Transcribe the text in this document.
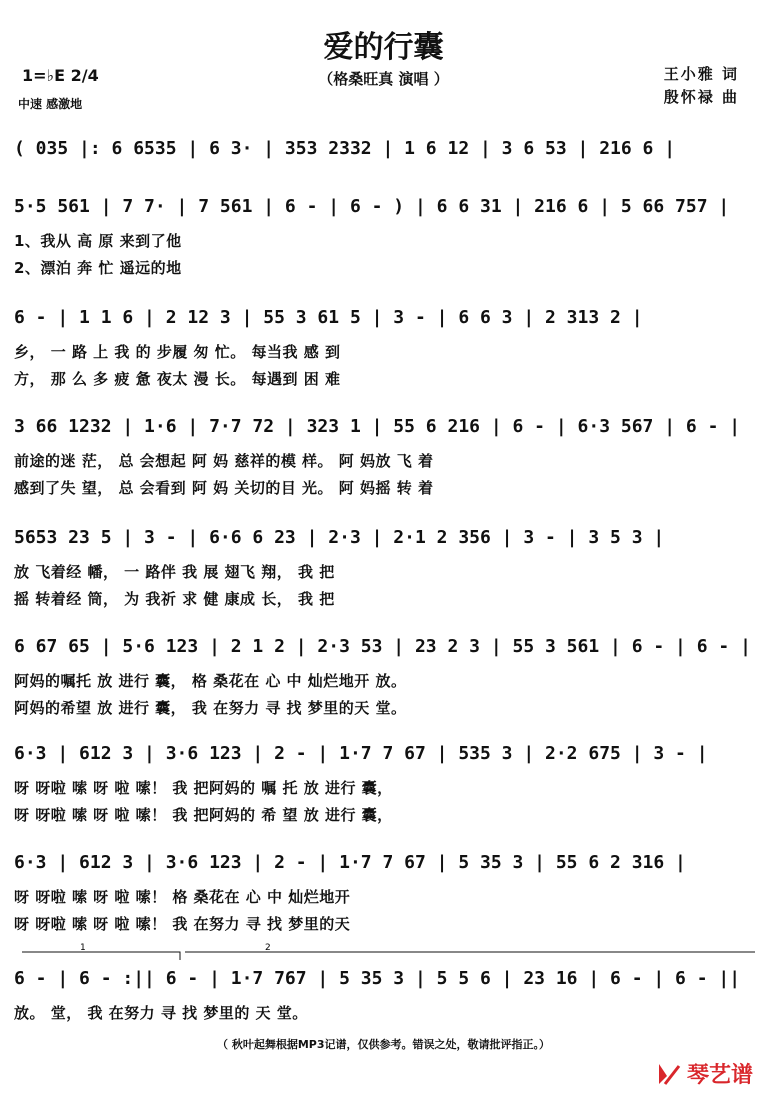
爱的行囊
（格桑旺真 演唱 ）
1=♭E 2/4
中速 感激地
王小雅 词
殷怀禄 曲
( 035 |: 6 6535 | 6 3· | 353 2332 | 1 6 12 | 3 6 53 | 216 6 |
5·5 561 | 7 7· | 7 561 | 6 - | 6 - ) | 6 6 31 | 216 6 | 5 66 757 |
1、我从 高 原 来到了他
2、漂泊 奔 忙 遥远的地
6 - | 1 1 6 | 2 12 3 | 55 3 61 5 | 3 - | 6 6 3 | 2 313 2 |
乡， 一 路 上 我 的 步履 匆 忙。 每当我 感 到
方， 那 么 多 疲 惫 夜太 漫 长。 每遇到 困 难
3 66 1232 | 1·6 | 7·7 72 | 323 1 | 55 6 216 | 6 - | 6·3 567 | 6 - |
前途的迷 茫， 总 会想起 阿 妈 慈祥的模 样。 阿 妈放 飞 着
感到了失 望， 总 会看到 阿 妈 关切的目 光。 阿 妈摇 转 着
5653 23 5 | 3 - | 6·6 6 23 | 2·3 | 2·1 2 356 | 3 - | 3 5 3 |
放 飞着经 幡， 一 路伴 我 展 翅飞 翔， 我 把
摇 转着经 筒， 为 我祈 求 健 康成 长， 我 把
6 67 65 | 5·6 123 | 2 1 2 | 2·3 53 | 23 2 3 | 55 3 561 | 6 - | 6 - |
阿妈的嘱托 放 进行 囊， 格 桑花在 心 中 灿烂地开 放。
阿妈的希望 放 进行 囊， 我 在努力 寻 找 梦里的天 堂。
6·3 | 612 3 | 3·6 123 | 2 - | 1·7 7 67 | 535 3 | 2·2 675 | 3 - |
呀 呀啦 嗦 呀 啦 嗦！ 我 把阿妈的 嘱 托 放 进行 囊，
呀 呀啦 嗦 呀 啦 嗦！ 我 把阿妈的 希 望 放 进行 囊，
6·3 | 612 3 | 3·6 123 | 2 - | 1·7 7 67 | 5 35 3 | 55 6 2 316 |
呀 呀啦 嗦 呀 啦 嗦！ 格 桑花在 心 中 灿烂地开
呀 呀啦 嗦 呀 啦 嗦！ 我 在努力 寻 找 梦里的天
6 - | 6 - :|| 6 - | 1·7 767 | 5 35 3 | 5 5 6 | 23 16 | 6 - | 6 - ||
放。 堂， 我 在努力 寻 找 梦里的 天 堂。
1	2
（ 秋叶起舞根据MP3记谱，仅供参考。错误之处，敬请批评指正。）
琴艺谱
